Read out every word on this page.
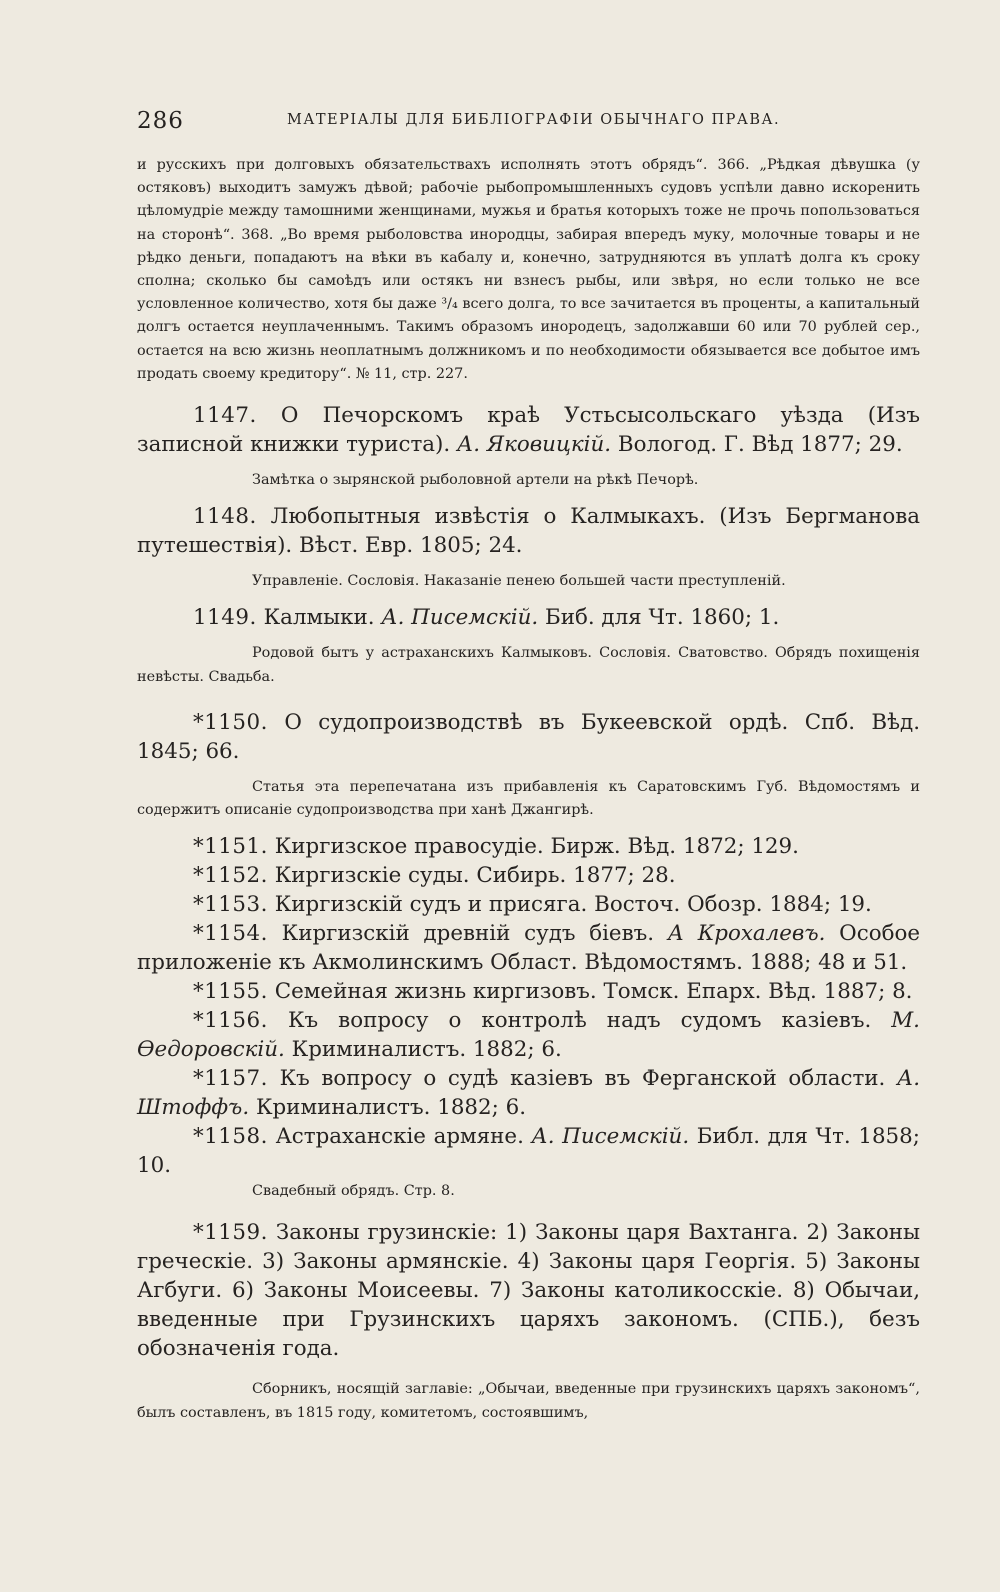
286	МАТЕРІАЛЫ ДЛЯ БИБЛІОГРАФІИ ОБЫЧНАГО ПРАВА.

и русскихъ при долговыхъ обязательствахъ исполнять этотъ обрядъ“. 366. „Рѣдкая дѣвушка (у остяковъ) выходитъ замужъ дѣвой; рабочіе рыбопромышленныхъ судовъ успѣли давно искоренить цѣломудріе между тамошними женщинами, мужья и братья которыхъ тоже не прочь попользоваться на сторонѣ“. 368. „Во время рыболовства инородцы, забирая впередъ муку, молочные товары и не рѣдко деньги, попадаютъ на вѣки въ кабалу и, конечно, затрудняются въ уплатѣ долга къ сроку сполна; сколько бы самоѣдъ или остякъ ни взнесъ рыбы, или звѣря, но если только не все условленное количество, хотя бы даже ³/₄ всего долга, то все зачитается въ проценты, а капитальный долгъ остается неуплаченнымъ. Такимъ образомъ инородецъ, задолжавши 60 или 70 рублей сер., остается на всю жизнь неоплатнымъ должникомъ и по необходимости обязывается все добытое имъ продать своему кредитору“. № 11, стр. 227.

1147. О Печорскомъ краѣ Устьсысольскаго уѣзда (Изъ записной книжки туриста). А. Яковицкій. Вологод. Г. Вѣд 1877; 29.

Замѣтка о зырянской рыболовной артели на рѣкѣ Печорѣ.

1148. Любопытныя извѣстія о Калмыкахъ. (Изъ Бергманова путешествія). Вѣст. Евр. 1805; 24.

Управленіе. Сословія. Наказаніе пенею большей части преступленій.

1149. Калмыки. А. Писемскій. Биб. для Чт. 1860; 1.

Родовой бытъ у астраханскихъ Калмыковъ. Сословія. Сватовство. Обрядъ похищенія невѣсты. Свадьба.

*1150. О судопроизводствѣ въ Букеевской ордѣ. Спб. Вѣд. 1845; 66.

Статья эта перепечатана изъ прибавленія къ Саратовскимъ Губ. Вѣдомостямъ и содержитъ описаніе судопроизводства при ханѣ Джангирѣ.

*1151. Киргизское правосудіе. Бирж. Вѣд. 1872; 129.

*1152. Киргизскіе суды. Сибирь. 1877; 28.

*1153. Киргизскій судъ и присяга. Восточ. Обозр. 1884; 19.

*1154. Киргизскій древній судъ біевъ. А Крохалевъ. Особое приложеніе къ Акмолинскимъ Област. Вѣдомостямъ. 1888; 48 и 51.

*1155. Семейная жизнь киргизовъ. Томск. Епарх. Вѣд. 1887; 8.

*1156. Къ вопросу о контролѣ надъ судомъ казіевъ. М. Ѳедоровскій. Криминалистъ. 1882; 6.

*1157. Къ вопросу о судѣ казіевъ въ Ферганской области. А. Штоффъ. Криминалистъ. 1882; 6.

*1158. Астраханскіе армяне. А. Писемскій. Библ. для Чт. 1858; 10.

Свадебный обрядъ. Стр. 8.

*1159. Законы грузинскіе: 1) Законы царя Вахтанга. 2) Законы греческіе. 3) Законы армянскіе. 4) Законы царя Георгія. 5) Законы Агбуги. 6) Законы Моисеевы. 7) Законы католикосскіе. 8) Обычаи, введенные при Грузинскихъ царяхъ закономъ. (СПБ.), безъ обозначенія года.

Сборникъ, носящій заглавіе: „Обычаи, введенные при грузинскихъ царяхъ закономъ“, былъ составленъ, въ 1815 году, комитетомъ, состоявшимъ,
